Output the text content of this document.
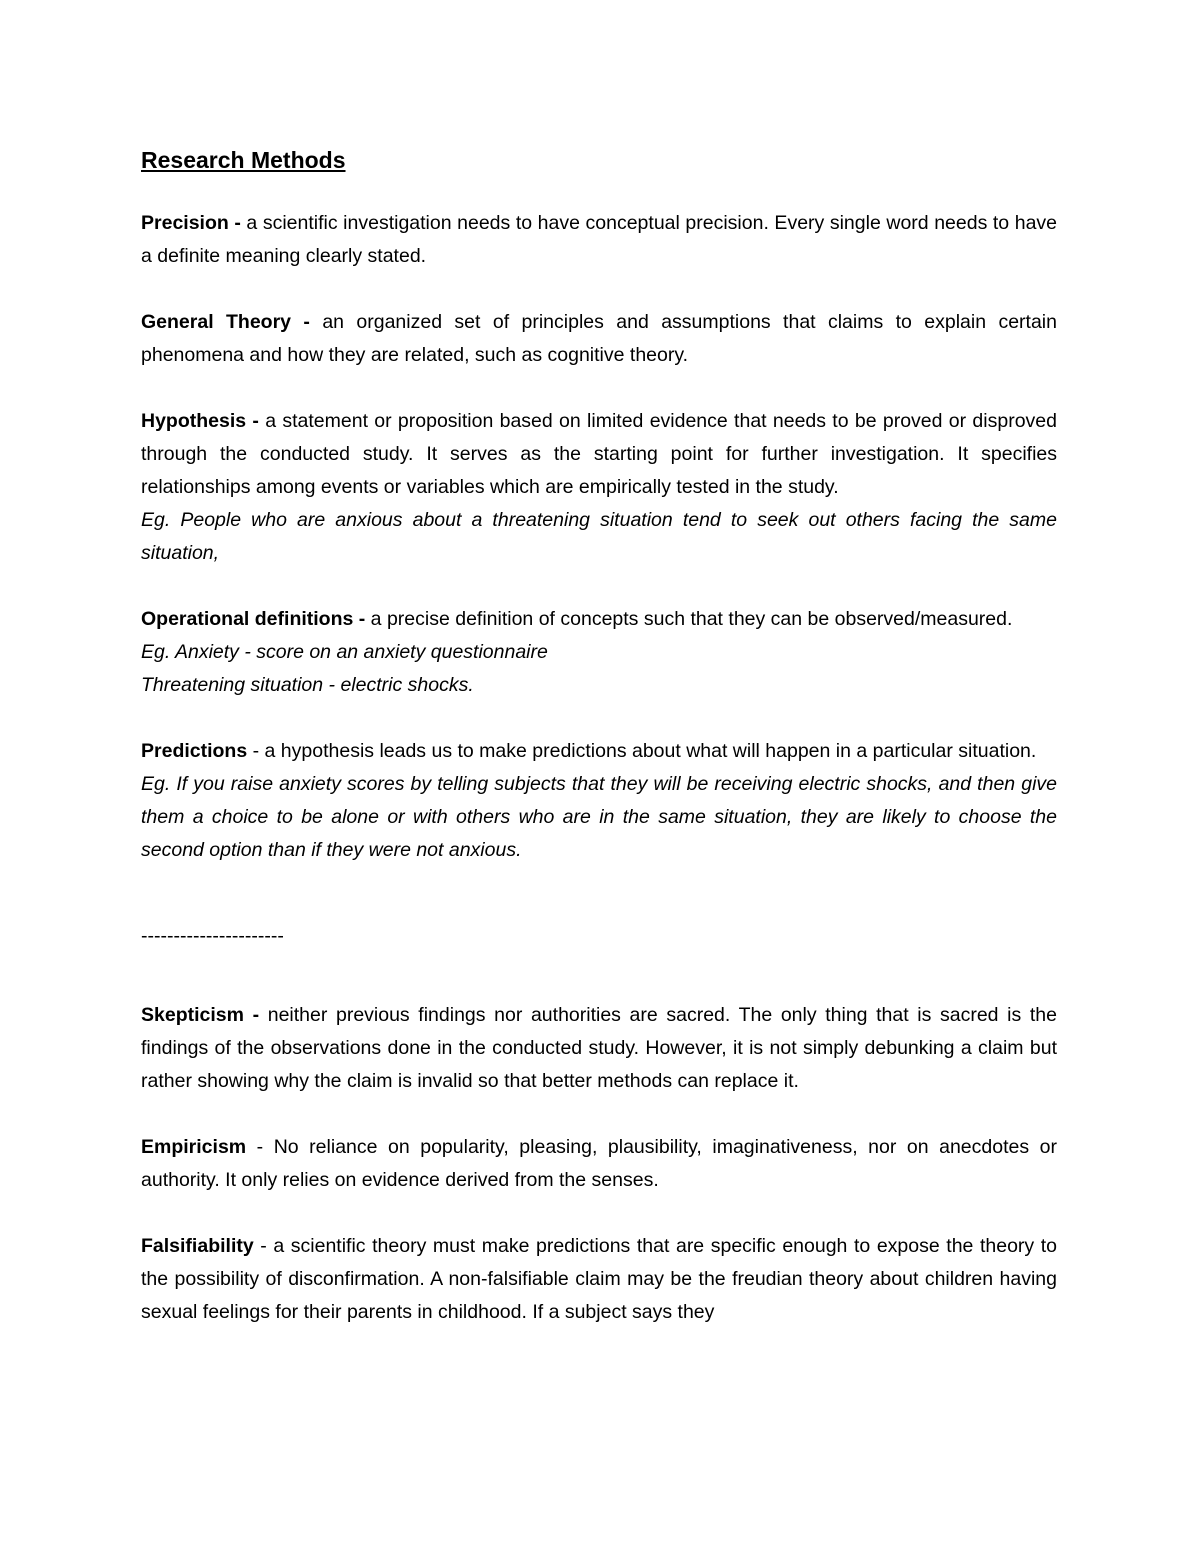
Research Methods

Precision - a scientific investigation needs to have conceptual precision. Every single word needs to have a definite meaning clearly stated.

General Theory - an organized set of principles and assumptions that claims to explain certain phenomena and how they are related, such as cognitive theory.

Hypothesis - a statement or proposition based on limited evidence that needs to be proved or disproved through the conducted study. It serves as the starting point for further investigation. It specifies relationships among events or variables which are empirically tested in the study.

Eg. People who are anxious about a threatening situation tend to seek out others facing the same situation,

Operational definitions - a precise definition of concepts such that they can be observed/measured.

Eg. Anxiety - score on an anxiety questionnaire

Threatening situation - electric shocks.

Predictions - a hypothesis leads us to make predictions about what will happen in a particular situation.

Eg. If you raise anxiety scores by telling subjects that they will be receiving electric shocks, and then give them a choice to be alone or with others who are in the same situation, they are likely to choose the second option than if they were not anxious.

----------------------

Skepticism - neither previous findings nor authorities are sacred. The only thing that is sacred is the findings of the observations done in the conducted study. However, it is not simply debunking a claim but rather showing why the claim is invalid so that better methods can replace it.

Empiricism - No reliance on popularity, pleasing, plausibility, imaginativeness, nor on anecdotes or authority. It only relies on evidence derived from the senses.

Falsifiability - a scientific theory must make predictions that are specific enough to expose the theory to the possibility of disconfirmation. A non-falsifiable claim may be the freudian theory about children having sexual feelings for their parents in childhood. If a subject says they
